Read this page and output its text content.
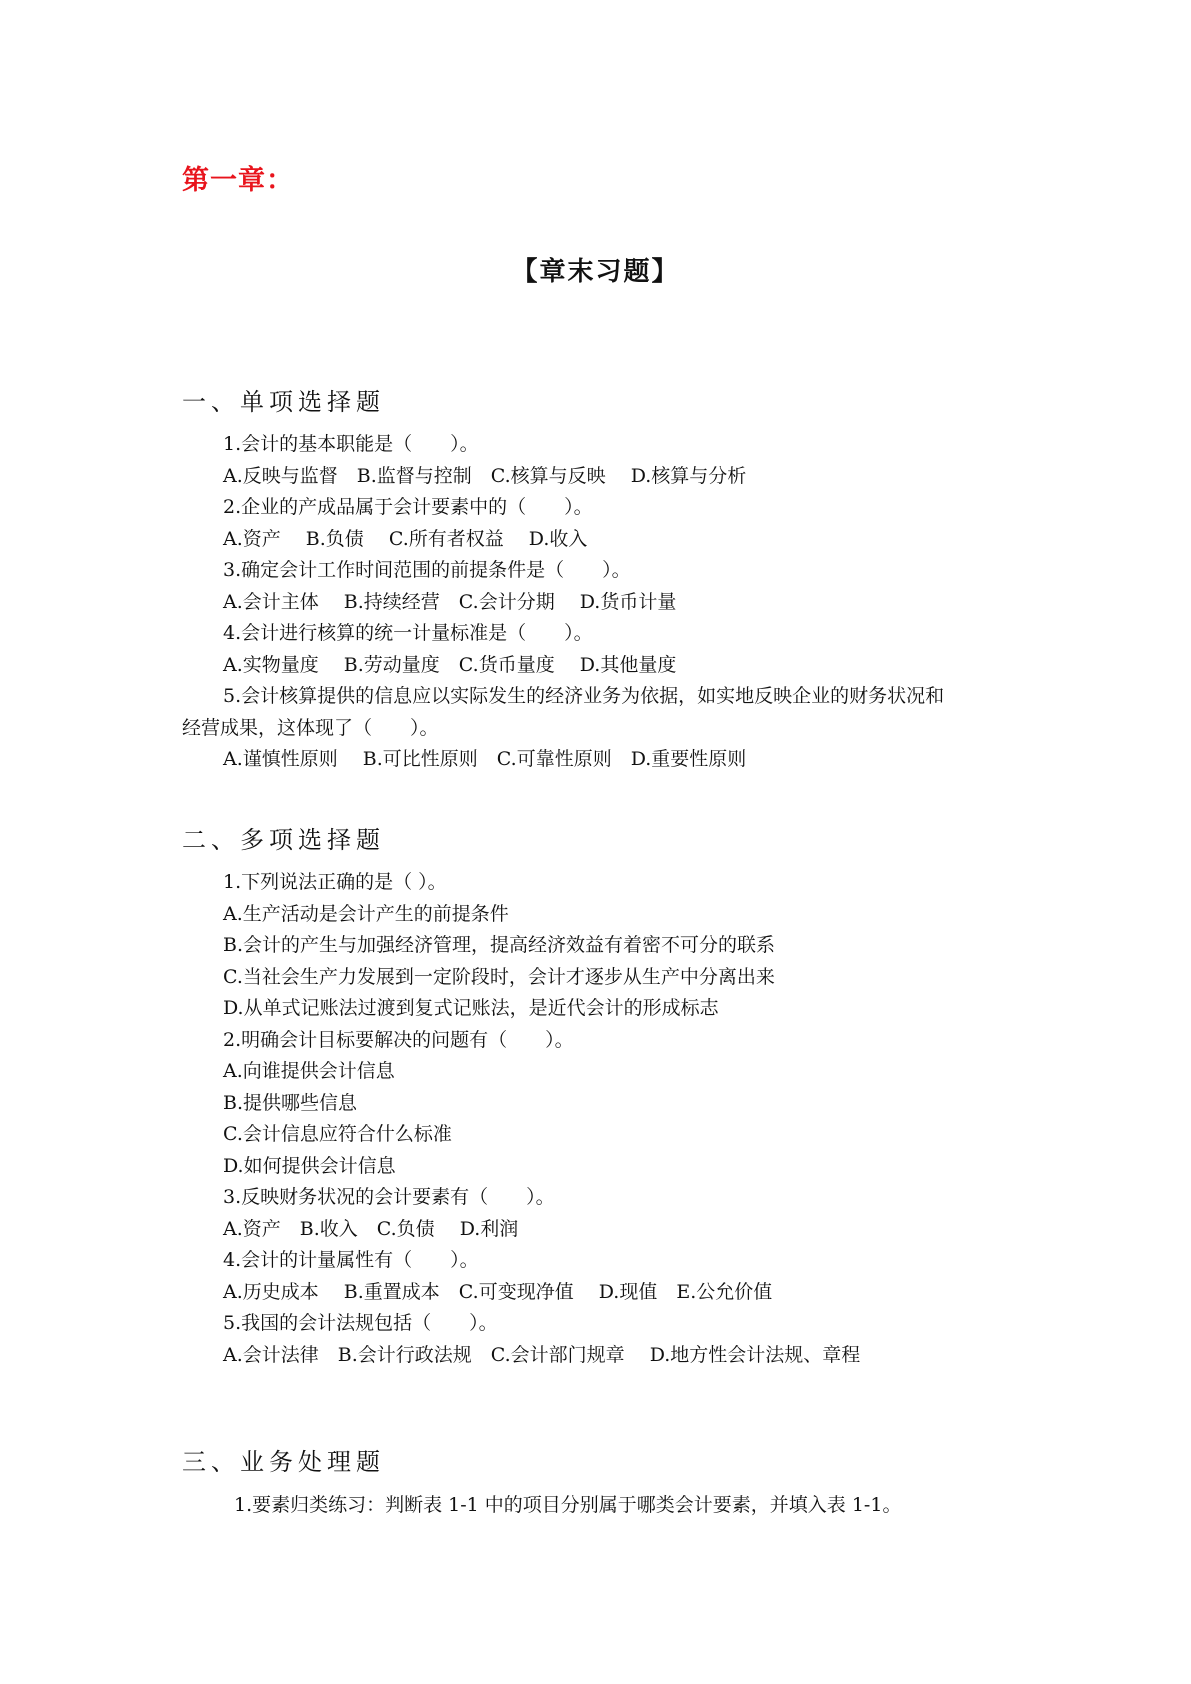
第一章：
【章末习题】
一、单项选择题
1.会计的基本职能是（　　）。
A.反映与监督　B.监督与控制　C.核算与反映　 D.核算与分析
2.企业的产成品属于会计要素中的（　　）。
A.资产　 B.负债　 C.所有者权益　 D.收入
3.确定会计工作时间范围的前提条件是（　　）。
A.会计主体　 B.持续经营　C.会计分期　 D.货币计量
4.会计进行核算的统一计量标准是（　　）。
A.实物量度　 B.劳动量度　C.货币量度　 D.其他量度
5.会计核算提供的信息应以实际发生的经济业务为依据，如实地反映企业的财务状况和
经营成果，这体现了（　　）。
A.谨慎性原则　 B.可比性原则　C.可靠性原则　D.重要性原则
二、多项选择题
1.下列说法正确的是（ ）。
A.生产活动是会计产生的前提条件
B.会计的产生与加强经济管理，提高经济效益有着密不可分的联系
C.当社会生产力发展到一定阶段时，会计才逐步从生产中分离出来
D.从单式记账法过渡到复式记账法，是近代会计的形成标志
2.明确会计目标要解决的问题有（　　）。
A.向谁提供会计信息
B.提供哪些信息
C.会计信息应符合什么标准
D.如何提供会计信息
3.反映财务状况的会计要素有（　　）。
A.资产　B.收入　C.负债　 D.利润
4.会计的计量属性有（　　）。
A.历史成本　 B.重置成本　C.可变现净值　 D.现值　E.公允价值
5.我国的会计法规包括（　　）。
A.会计法律　B.会计行政法规　C.会计部门规章　 D.地方性会计法规、章程
三、业务处理题
1.要素归类练习：判断表 1-1 中的项目分别属于哪类会计要素，并填入表 1-1。
